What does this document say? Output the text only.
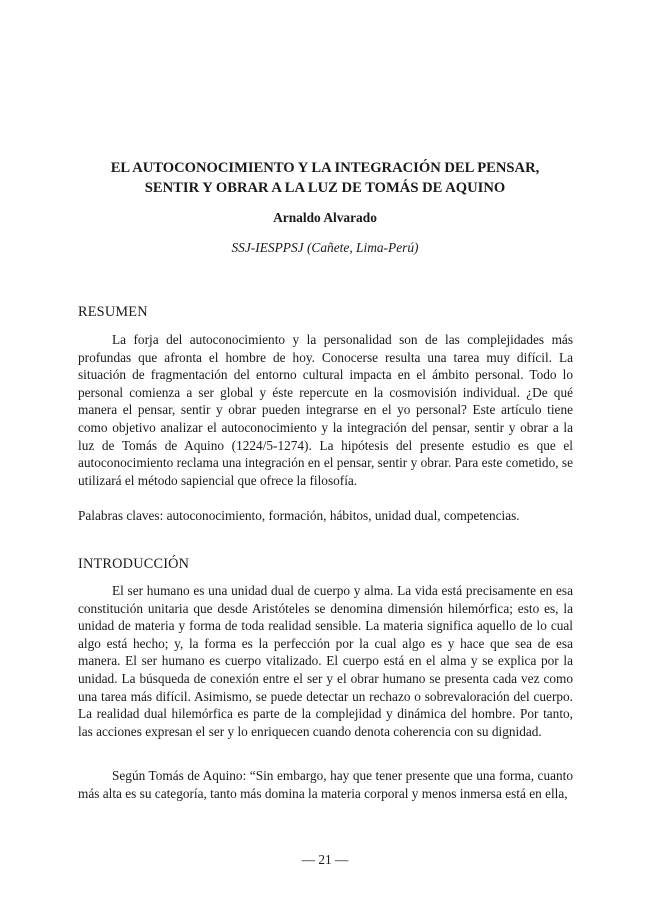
EL AUTOCONOCIMIENTO Y LA INTEGRACIÓN DEL PENSAR,
SENTIR Y OBRAR A LA LUZ DE TOMÁS DE AQUINO
Arnaldo Alvarado
SSJ-IESPPSJ (Cañete, Lima-Perú)
RESUMEN

La forja del autoconocimiento y la personalidad son de las complejidades más profundas que afronta el hombre de hoy. Conocerse resulta una tarea muy difícil. La situación de fragmentación del entorno cultural impacta en el ámbito personal. Todo lo personal comienza a ser global y éste repercute en la cosmovisión individual. ¿De qué manera el pensar, sentir y obrar pueden integrarse en el yo personal? Este artículo tiene como objetivo analizar el autoconocimiento y la integración del pensar, sentir y obrar a la luz de Tomás de Aquino (1224/5-1274). La hipótesis del presente estudio es que el autoconocimiento reclama una integración en el pensar, sentir y obrar. Para este cometido, se utilizará el método sapiencial que ofrece la filosofía.

Palabras claves: autoconocimiento, formación, hábitos, unidad dual, competencias.
INTRODUCCIÓN

El ser humano es una unidad dual de cuerpo y alma. La vida está precisamente en esa constitución unitaria que desde Aristóteles se denomina dimensión hilemórfica; esto es, la unidad de materia y forma de toda realidad sensible. La materia significa aquello de lo cual algo está hecho; y, la forma es la perfección por la cual algo es y hace que sea de esa manera. El ser humano es cuerpo vitalizado. El cuerpo está en el alma y se explica por la unidad. La búsqueda de conexión entre el ser y el obrar humano se presenta cada vez como una tarea más difícil. Asimismo, se puede detectar un rechazo o sobrevaloración del cuerpo. La realidad dual hilemórfica es parte de la complejidad y dinámica del hombre. Por tanto, las acciones expresan el ser y lo enriquecen cuando denota coherencia con su dignidad.

Según Tomás de Aquino: “Sin embargo, hay que tener presente que una forma, cuanto más alta es su categoría, tanto más domina la materia corporal y menos inmersa está en ella,

— 21 —
